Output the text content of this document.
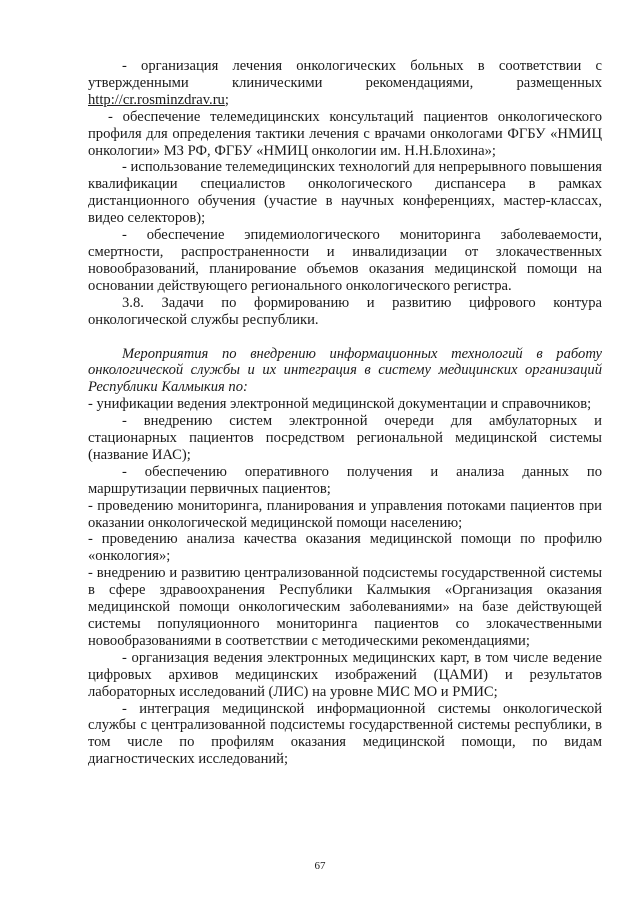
- организация лечения онкологических больных в соответствии с утвержденными клиническими рекомендациями, размещенных http://cr.rosminzdrav.ru;

- обеспечение телемедицинских консультаций пациентов онкологического профиля для определения тактики лечения с врачами онкологами ФГБУ «НМИЦ онкологии» МЗ РФ, ФГБУ «НМИЦ онкологии им. Н.Н.Блохина»;

- использование телемедицинских технологий для непрерывного повышения квалификации специалистов онкологического диспансера в рамках дистанционного обучения (участие в научных конференциях, мастер-классах, видео селекторов);

- обеспечение эпидемиологического мониторинга заболеваемости, смертности, распространенности и инвалидизации от злокачественных новообразований, планирование объемов оказания медицинской помощи на основании действующего регионального онкологического регистра.

3.8. Задачи по формированию и развитию цифрового контура онкологической службы республики.

Мероприятия по внедрению информационных технологий в работу онкологической службы и их интеграция в систему медицинских организаций Республики Калмыкия по:

- унификации ведения электронной медицинской документации и справочников;

- внедрению систем электронной очереди для амбулаторных и стационарных пациентов посредством региональной медицинской системы (название ИАС);

- обеспечению оперативного получения и анализа данных по маршрутизации первичных пациентов;

- проведению мониторинга, планирования и управления потоками пациентов при оказании онкологической медицинской помощи населению;

- проведению анализа качества оказания медицинской помощи по профилю «онкология»;

- внедрению и развитию централизованной подсистемы государственной системы в сфере здравоохранения Республики Калмыкия «Организация оказания медицинской помощи онкологическим заболеваниями» на базе действующей системы популяционного мониторинга пациентов со злокачественными новообразованиями в соответствии с методическими рекомендациями;

- организация ведения электронных медицинских карт, в том числе ведение цифровых архивов медицинских изображений (ЦАМИ) и результатов лабораторных исследований (ЛИС) на уровне МИС МО и РМИС;

- интеграция медицинской информационной системы онкологической службы с централизованной подсистемы государственной системы республики, в том числе по профилям оказания медицинской помощи, по видам диагностических исследований;

67
